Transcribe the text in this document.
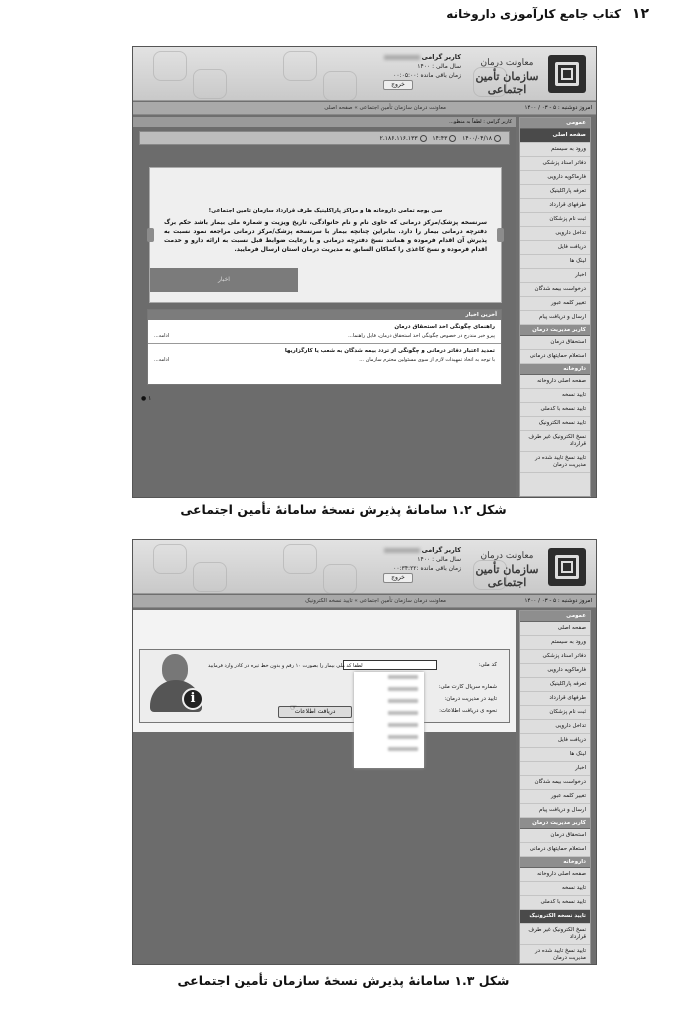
۱۲
کتاب جامع کارآموزی داروخانه
معاونت درمان
سازمان تأمین اجتماعی
کاربر گرامی
سال مالی : ۱۴۰۰
زمان باقی مانده :۰۰:۰۵:۰۰
خروج
امروز دوشنبه : ۵ - ۰۳ / ۱۴۰۰
معاونت درمان سازمان تأمین اجتماعی » صفحه اصلی
کاربر گرامی : لطفاً به منظو...
۱۴۰۰/۰۴/۱۸  ۱۴:۴۳  ۲.۱۸۶.۱۱۶.۱۳۳
سی بوجه تمامی داروخانه ها و مراکز پاراکلینیک طرف قرارداد سازمان تامین اجتماعی!

سرنسخه پزشک/مرکز درمانی که حاوی نام و نام خانوادگی، تاریخ ویزیت و شماره ملی بیمار باشد حکم برگ دفترچه درمانی بیمار را دارد. بنابراین چنانچه بیمار با سرنسخه پزشک/مرکز درمانی مراجعه نمود نسبت به پذیرش آن اقدام فرموده و همانند نسخ دفترچه درمانی و با رعایت ضوابط قبل نسبت به ارائه دارو و خدمت اقدام فرموده و نسخ کاغذی را کماکان السابق به مدیریت درمان استان ارسال فرمایید.

اخبار
آخرین اخبار
راهنمای چگونگی اخذ استحقاق درمان
پیرو خبر مندرج در خصوص چگونگی اخذ استحقاق درمان، فایل راهنما...
ادامه...
تمدید اعتبار دفاتر درمانی و چگونگی از تردد بیمه شدگان به شعب یا کارگزاریها
با توجه به اتخاذ تمهیدات لازم از سوی مسئولین محترم سازمان ...
ادامه...
● ۱
عمومی
صفحه اصلی
ورود به سیستم
دفاتر اسناد پزشکی
فارماکوپه دارویی
تعرفه پاراکلینیک
طرفهای قرارداد
ثبت نام پزشکان
تداخل دارویی
دریافت فایل
لینک ها
اخبار
درخواست بیمه شدگان
تغییر کلمه عبور
ارسال و دریافت پیام
کاربر مدیریت درمان
استحقاق درمان
استعلام حمایتهای درمانی
داروخانه
صفحه اصلی داروخانه
تایید نسخه
تایید نسخه با کدملی
تایید نسخه الکترونیک
نسخ الکترونیک غیر طرف قرارداد
تایید نسخ تایید شده در مدیریت درمان
شکل ۱.۲ سامانهٔ پذیرش نسخهٔ سامانهٔ تأمین اجتماعی
معاونت درمان
سازمان تأمین اجتماعی
کاربر گرامی
سال مالی : ۱۴۰۰
زمان باقی مانده :۰۰:۳۴:۲۲
خروج
امروز دوشنبه : ۵ - ۰۳ / ۱۴۰۰
معاونت درمان سازمان تأمین اجتماعی » تایید نسخه الکترونیک
i
کد ملی:
لطفا کد ملی بیمار را بصورت ۱۰ رقم و بدون خط تیره در کادر وارد فرمایید
شماره سریال کارت ملی:
تایید در مدیریت درمان:
نحوه ی دریافت اطلاعات:
دریافت اطلاعات
☞
عمومی
صفحه اصلی
ورود به سیستم
دفاتر اسناد پزشکی
فارماکوپه دارویی
تعرفه پاراکلینیک
طرفهای قرارداد
ثبت نام پزشکان
تداخل دارویی
دریافت فایل
لینک ها
اخبار
درخواست بیمه شدگان
تغییر کلمه عبور
ارسال و دریافت پیام
کاربر مدیریت درمان
استحقاق درمان
استعلام حمایتهای درمانی
داروخانه
صفحه اصلی داروخانه
تایید نسخه
تایید نسخه با کدملی
تایید نسخه الکترونیک
نسخ الکترونیک غیر طرف قرارداد
تایید نسخ تایید شده در مدیریت درمان
شکل ۱.۳ سامانهٔ پذیرش نسخهٔ سازمان تأمین اجتماعی
